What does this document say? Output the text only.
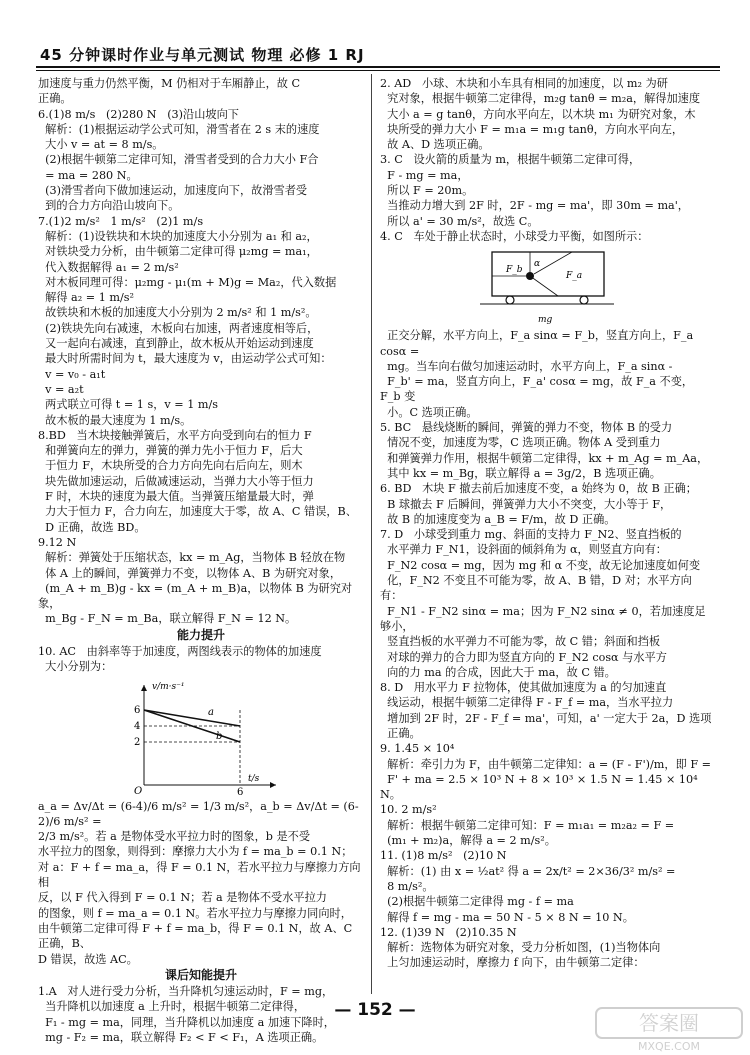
45 分钟课时作业与单元测试 物理 必修 1 RJ

加速度与重力仍然平衡，M 仍相对于车厢静止，故 C

正确。

6.(1)8 m/s   (2)280 N   (3)沿山坡向下

解析：(1)根据运动学公式可知，滑雪者在 2 s 末的速度

大小 v = at = 8 m/s。

(2)根据牛顿第二定律可知，滑雪者受到的合力大小 F合

= ma = 280 N。

(3)滑雪者向下做加速运动，加速度向下，故滑雪者受

到的合力方向沿山坡向下。

7.(1)2 m/s²   1 m/s²   (2)1 m/s

解析：(1)设铁块和木块的加速度大小分别为 a₁ 和 a₂，

对铁块受力分析，由牛顿第二定律可得 μ₂mg = ma₁，

代入数据解得 a₁ = 2 m/s²

对木板同理可得：μ₂mg - μ₁(m + M)g = Ma₂，代入数据

解得 a₂ = 1 m/s²

故铁块和木板的加速度大小分别为 2 m/s² 和 1 m/s²。

(2)铁块先向右减速，木板向右加速，两者速度相等后，

又一起向右减速，直到静止，故木板从开始运动到速度

最大时所需时间为 t，最大速度为 v，由运动学公式可知：

v = v₀ - a₁t

v = a₂t

两式联立可得 t = 1 s，v = 1 m/s

故木板的最大速度为 1 m/s。

8.BD   当木块接触弹簧后，水平方向受到向右的恒力 F

和弹簧向左的弹力，弹簧的弹力先小于恒力 F，后大

于恒力 F，木块所受的合力方向先向右后向左，则木

块先做加速运动，后做减速运动，当弹力大小等于恒力

F 时，木块的速度为最大值。当弹簧压缩量最大时，弹

力大于恒力 F，合力向左，加速度大于零，故 A、C 错误，B、

D 正确，故选 BD。

9.12 N

解析：弹簧处于压缩状态，kx = m_Ag，当物体 B 轻放在物

体 A 上的瞬间，弹簧弹力不变，以物体 A、B 为研究对象，

(m_A + m_B)g - kx = (m_A + m_B)a，以物体 B 为研究对象，

m_Bg - F_N = m_Ba，联立解得 F_N = 12 N。

能力提升

10. AC   由斜率等于加速度，两图线表示的物体的加速度

大小分别为：

v/m·s⁻¹
t/s
O
6
4
2
6
a
b

a_a = Δv/Δt = (6-4)/6 m/s² = 1/3 m/s²，a_b = Δv/Δt = (6-2)/6 m/s² =

2/3 m/s²。若 a 是物体受水平拉力时的图象，b 是不受

水平拉力的图象，则得到：摩擦力大小为 f = ma_b = 0.1 N；

对 a：F + f = ma_a，得 F = 0.1 N，若水平拉力与摩擦力方向相

反，以 F 代入得到 F = 0.1 N；若 a 是物体不受水平拉力

的图象，则 f = ma_a = 0.1 N。若水平拉力与摩擦力同向时，

由牛顿第二定律可得 F + f = ma_b，得 F = 0.1 N，故 A、C 正确，B、

D 错误，故选 AC。

课后知能提升

1.A   对人进行受力分析，当升降机匀速运动时，F = mg，

当升降机以加速度 a 上升时，根据牛顿第二定律得，

F₁ - mg = ma，同理，当升降机以加速度 a 加速下降时，

mg - F₂ = ma，联立解得 F₂ < F < F₁，A 选项正确。

2. AD   小球、木块和小车具有相同的加速度，以 m₂ 为研

究对象，根据牛顿第二定律得，m₂g tanθ = m₂a，解得加速度

大小 a = g tanθ，方向水平向左，以木块 m₁ 为研究对象，木

块所受的弹力大小 F = m₁a = m₁g tanθ，方向水平向左，

故 A、D 选项正确。

3. C   设火箭的质量为 m，根据牛顿第二定律可得，

F - mg = ma，

所以 F = 20m。

当推动力增大到 2F 时，2F - mg = ma'，即 30m = ma'，

所以 a' = 30 m/s²，故选 C。

4. C   车处于静止状态时，小球受力平衡，如图所示：

F_b
α
F_a
mg

正交分解，水平方向上，F_a sinα = F_b，竖直方向上，F_a cosα =

mg。当车向右做匀加速运动时，水平方向上，F_a sinα -

F_b' = ma，竖直方向上，F_a' cosα = mg，故 F_a 不变，F_b 变

小。C 选项正确。

5. BC   悬线烧断的瞬间，弹簧的弹力不变，物体 B 的受力

情况不变，加速度为零，C 选项正确。物体 A 受到重力

和弹簧弹力作用，根据牛顿第二定律得，kx + m_Ag = m_Aa，

其中 kx = m_Bg，联立解得 a = 3g/2，B 选项正确。

6. BD   木块 F 撤去前后加速度不变，a 始终为 0，故 B 正确；

B 球撤去 F 后瞬间，弹簧弹力大小不突变，大小等于 F，

故 B 的加速度变为 a_B = F/m，故 D 正确。

7. D   小球受到重力 mg、斜面的支持力 F_N2、竖直挡板的

水平弹力 F_N1，设斜面的倾斜角为 α，则竖直方向有：

F_N2 cosα = mg，因为 mg 和 α 不变，故无论加速度如何变

化，F_N2 不变且不可能为零，故 A、B 错，D 对；水平方向有：

F_N1 - F_N2 sinα = ma；因为 F_N2 sinα ≠ 0，若加速度足够小，

竖直挡板的水平弹力不可能为零，故 C 错；斜面和挡板

对球的弹力的合力即为竖直方向的 F_N2 cosα 与水平方

向的力 ma 的合成，因此大于 ma，故 C 错。

8. D   用水平力 F 拉物体，使其做加速度为 a 的匀加速直

线运动，根据牛顿第二定律得 F - F_f = ma，当水平拉力

增加到 2F 时，2F - F_f = ma'，可知，a' 一定大于 2a，D 选项

正确。

9. 1.45 × 10⁴

解析：牵引力为 F，由牛顿第二定律知：a = (F - F')/m，即 F =

F' + ma = 2.5 × 10³ N + 8 × 10³ × 1.5 N = 1.45 × 10⁴ N。

10. 2 m/s²

解析：根据牛顿第二定律可知：F = m₁a₁ = m₂a₂ = F =

(m₁ + m₂)a，解得 a = 2 m/s²。

11. (1)8 m/s²   (2)10 N

解析：(1) 由 x = ½at² 得 a = 2x/t² = 2×36/3² m/s² =

8 m/s²。

(2)根据牛顿第二定律得 mg - f = ma

解得 f = mg - ma = 50 N - 5 × 8 N = 10 N。

12. (1)39 N   (2)10.35 N

解析：选物体为研究对象，受力分析如图，(1)当物体向

上匀加速运动时，摩擦力 f 向下，由牛顿第二定律：

— 152 —
答案圈
MXQE.COM
